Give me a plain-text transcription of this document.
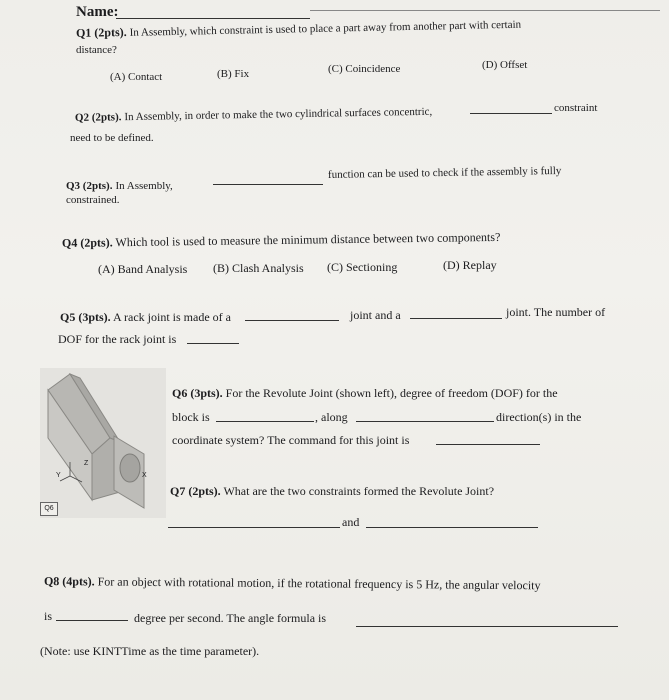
Name:
Q1 (2pts). In Assembly, which constraint is used to place a part away from another part with certain
distance?
(A) Contact	(B) Fix	(C) Coincidence	(D) Offset
Q2 (2pts). In Assembly, in order to make the two cylindrical surfaces concentric,	constraint
need to be defined.
Q3 (2pts). In Assembly,
function can be used to check if the assembly is fully
constrained.
Q4 (2pts). Which tool is used to measure the minimum distance between two components?
(A) Band Analysis (B) Clash Analysis (C) Sectioning	(D) Replay
Q5 (3pts). A rack joint is made of a	joint and a	joint. The number of
DOF for the rack joint is
Y
Z
X
Q6
Q6 (3pts). For the Revolute Joint (shown left), degree of freedom (DOF) for the
block is	, along	direction(s) in the
coordinate system? The command for this joint is
Q7 (2pts). What are the two constraints formed the Revolute Joint?
and
Q8 (4pts). For an object with rotational motion, if the rotational frequency is 5 Hz, the angular velocity
is	degree per second. The angle formula is
(Note: use KINTTime as the time parameter).
